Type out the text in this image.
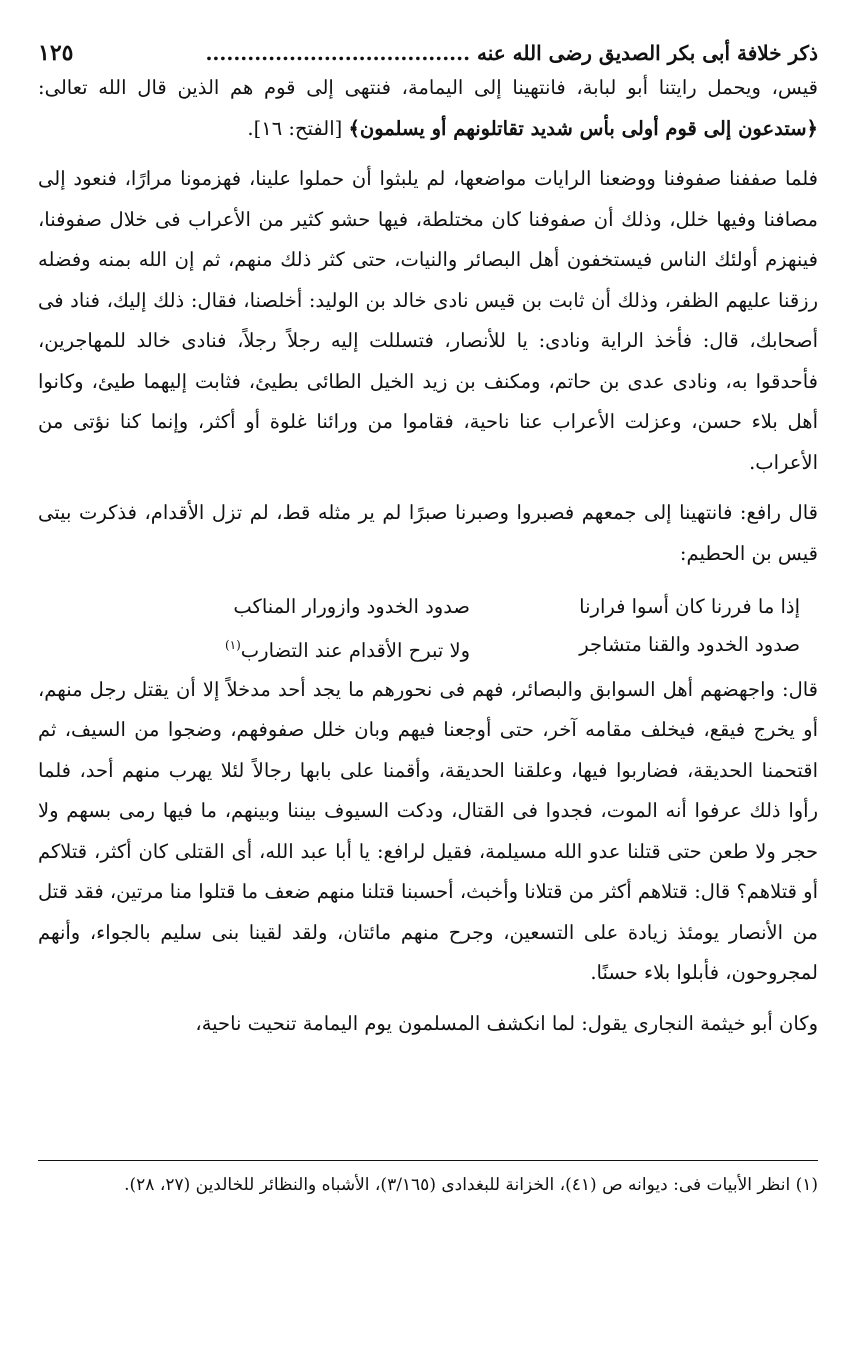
ذكر خلافة أبى بكر الصديق رضى الله عنه ......................................
١٢٥

قيس، ويحمل رايتنا أبو لبابة، فانتهينا إلى اليمامة، فنتهى إلى قوم هم الذين قال الله تعالى: ﴿ستدعون إلى قوم أولى بأس شديد تقاتلونهم أو يسلمون﴾ [الفتح: ١٦].

فلما صففنا صفوفنا ووضعنا الرايات مواضعها، لم يلبثوا أن حملوا علينا، فهزمونا مرارًا، فنعود إلى مصافنا وفيها خلل، وذلك أن صفوفنا كان مختلطة، فيها حشو كثير من الأعراب فى خلال صفوفنا، فينهزم أولئك الناس فيستخفون أهل البصائر والنيات، حتى كثر ذلك منهم، ثم إن الله بمنه وفضله رزقنا عليهم الظفر، وذلك أن ثابت بن قيس نادى خالد بن الوليد: أخلصنا، فقال: ذلك إليك، فناد فى أصحابك، قال: فأخذ الراية ونادى: يا للأنصار، فتسللت إليه رجلاً رجلاً، فنادى خالد للمهاجرين، فأحدقوا به، ونادى عدى بن حاتم، ومكنف بن زيد الخيل الطائى بطيئ، فثابت إليهما طيئ، وكانوا أهل بلاء حسن، وعزلت الأعراب عنا ناحية، فقاموا من ورائنا غلوة أو أكثر، وإنما كنا نؤتى من الأعراب.

قال رافع: فانتهينا إلى جمعهم فصبروا وصبرنا صبرًا لم ير مثله قط، لم تزل الأقدام، فذكرت بيتى قيس بن الحطيم:

إذا ما فررنا كان أسوا فرارنا
صدود الخدود وازورار المناكب
صدود الخدود والقنا متشاجر
ولا تبرح الأقدام عند التضارب(١)

قال: واجهضهم أهل السوابق والبصائر، فهم فى نحورهم ما يجد أحد مدخلاً إلا أن يقتل رجل منهم، أو يخرج فيقع، فيخلف مقامه آخر، حتى أوجعنا فيهم وبان خلل صفوفهم، وضجوا من السيف، ثم اقتحمنا الحديقة، فضاربوا فيها، وعلقنا الحديقة، وأقمنا على بابها رجالاً لئلا يهرب منهم أحد، فلما رأوا ذلك عرفوا أنه الموت، فجدوا فى القتال، ودكت السيوف بيننا وبينهم، ما فيها رمى بسهم ولا حجر ولا طعن حتى قتلنا عدو الله مسيلمة، فقيل لرافع: يا أبا عبد الله، أى القتلى كان أكثر، قتلاكم أو قتلاهم؟ قال: قتلاهم أكثر من قتلانا وأخبث، أحسبنا قتلنا منهم ضعف ما قتلوا منا مرتين، فقد قتل من الأنصار يومئذ زيادة على التسعين، وجرح منهم مائتان، ولقد لقينا بنى سليم بالجواء، وأنهم لمجروحون، فأبلوا بلاء حسنًا.

وكان أبو خيثمة النجارى يقول: لما انكشف المسلمون يوم اليمامة تنحيت ناحية،

(١) انظر الأبيات فى: ديوانه ص (٤١)، الخزانة للبغدادى (٣/١٦٥)، الأشباه والنظائر للخالدين (٢٧، ٢٨).
